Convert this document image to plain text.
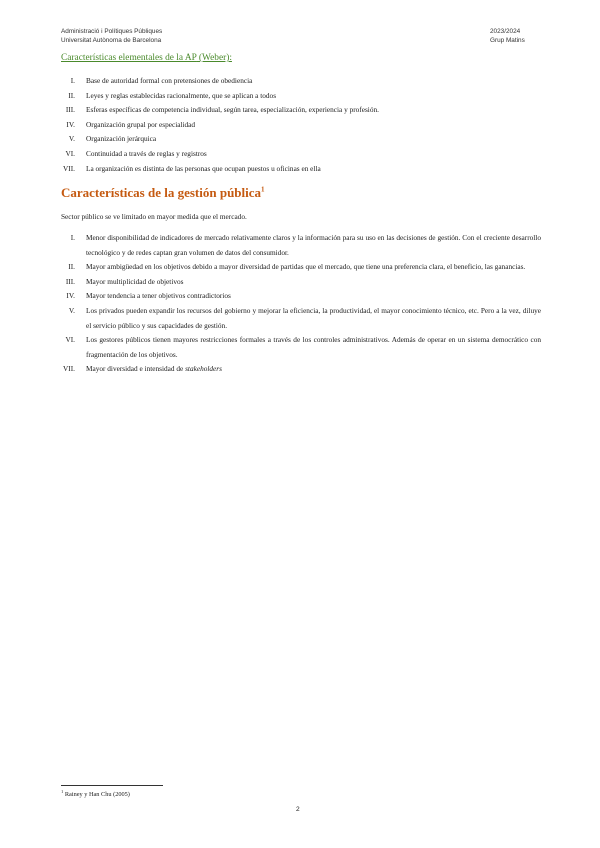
Administració i Polítiques Públiques
Universitat Autònoma de Barcelona
2023/2024
Grup Matins
Características elementales de la AP (Weber):
I. Base de autoridad formal con pretensiones de obediencia
II. Leyes y reglas establecidas racionalmente, que se aplican a todos
III. Esferas específicas de competencia individual, según tarea, especialización, experiencia y profesión.
IV. Organización grupal por especialidad
V. Organización jerárquica
VI. Continuidad a través de reglas y registros
VII. La organización es distinta de las personas que ocupan puestos u oficinas en ella
Características de la gestión pública$^1$
Sector público se ve limitado en mayor medida que el mercado.
I. Menor disponibilidad de indicadores de mercado relativamente claros y la información para su uso en las decisiones de gestión. Con el creciente desarrollo tecnológico y de redes captan gran volumen de datos del consumidor.
II. Mayor ambigüedad en los objetivos debido a mayor diversidad de partidas que el mercado, que tiene una preferencia clara, el beneficio, las ganancias.
III. Mayor multiplicidad de objetivos
IV. Mayor tendencia a tener objetivos contradictorios
V. Los privados pueden expandir los recursos del gobierno y mejorar la eficiencia, la productividad, el mayor conocimiento técnico, etc. Pero a la vez, diluye el servicio público y sus capacidades de gestión.
VI. Los gestores públicos tienen mayores restricciones formales a través de los controles administrativos. Además de operar en un sistema democrático con fragmentación de los objetivos.
VII. Mayor diversidad e intensidad de stakeholders
$^1$ Rainey y Han Chu (2005)
2
